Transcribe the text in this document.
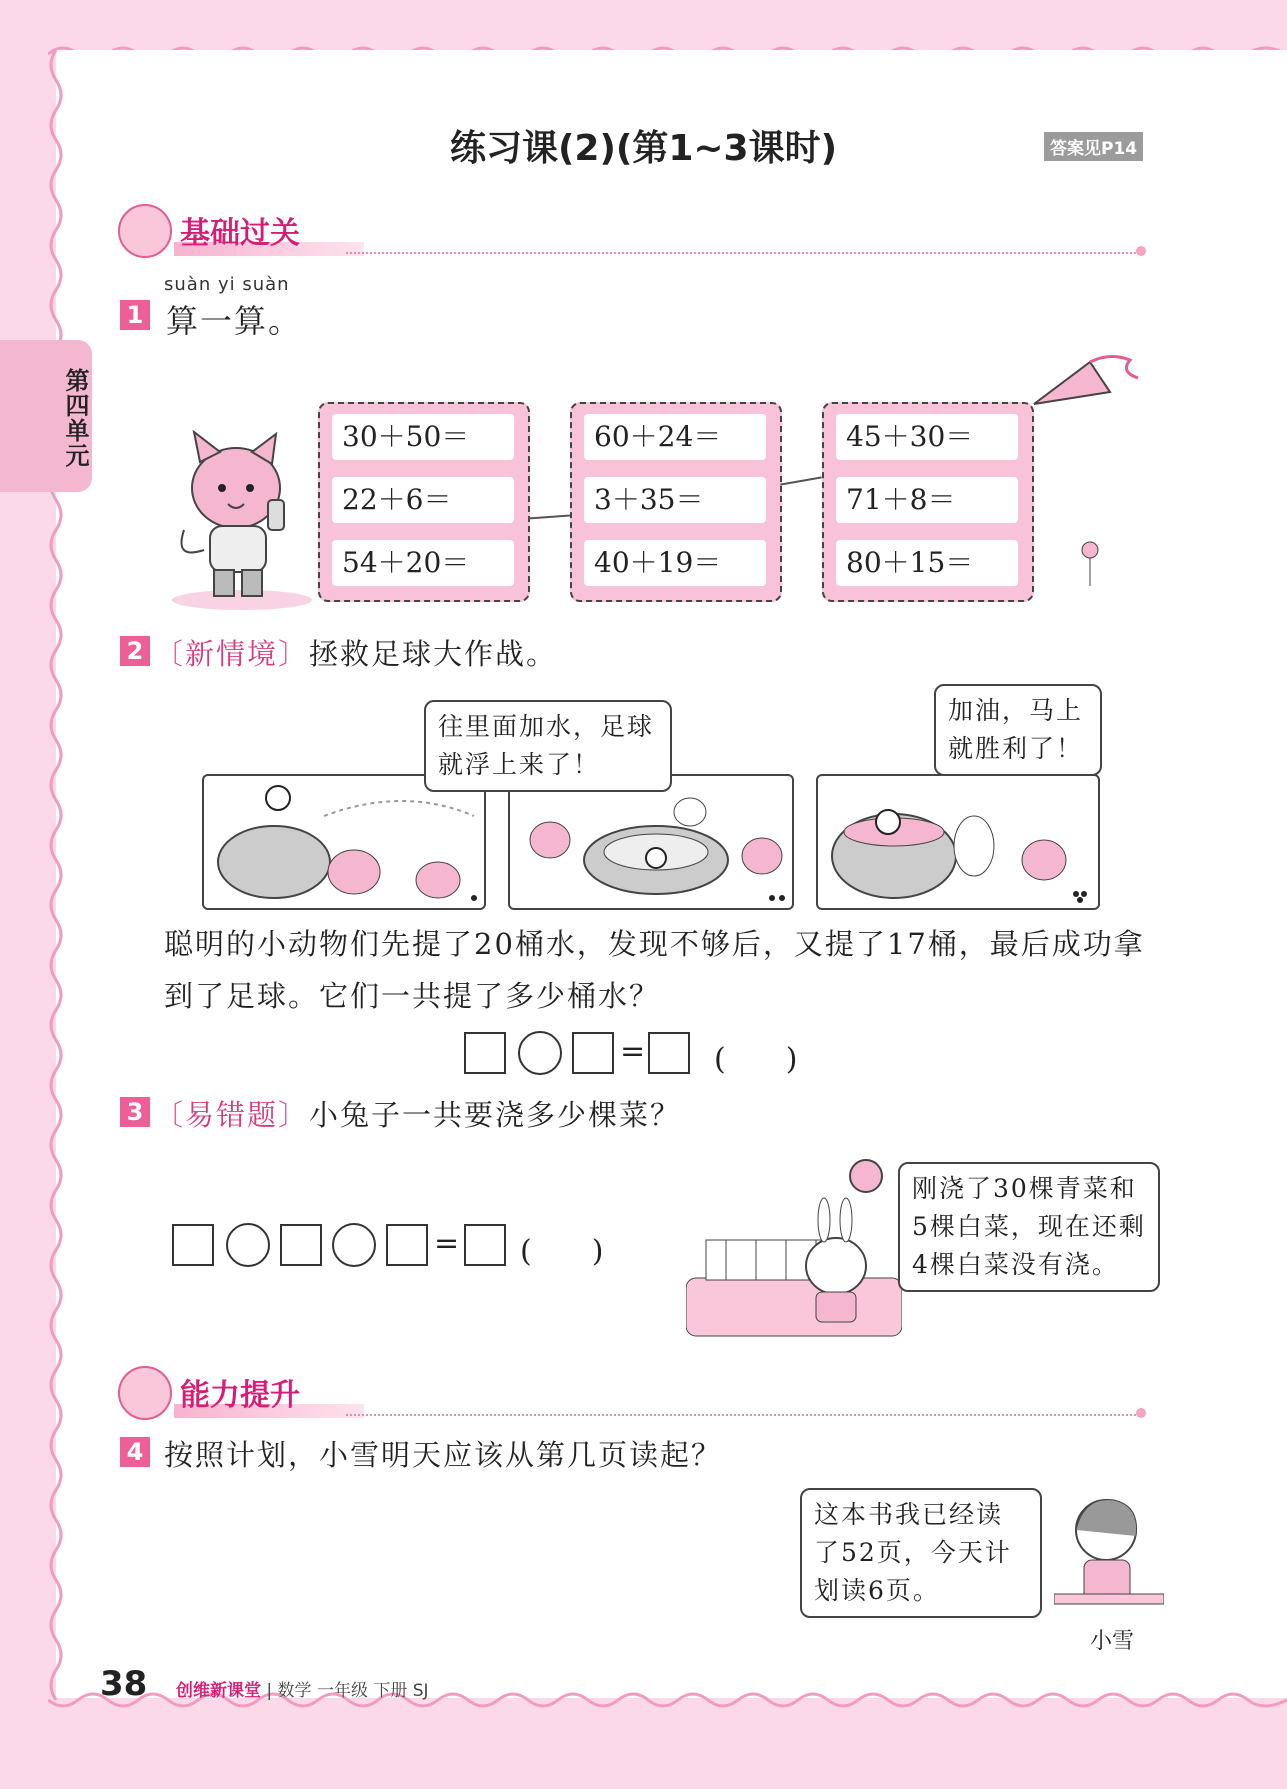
练习课(2)(第1~3课时)	答案见P14
第四单元
基础过关
suàn yi suàn
1 算一算。
30＋50＝
22＋6＝
54＋20＝
60＋24＝
3＋35＝
40＋19＝
45＋30＝
71＋8＝
80＋15＝
2 〔新情境〕拯救足球大作战。
往里面加水，足球就浮上来了！
加油，马上就胜利了！
聪明的小动物们先提了20桶水，发现不够后，又提了17桶，最后成功拿到了足球。它们一共提了多少桶水？
= (　　)
3 〔易错题〕小兔子一共要浇多少棵菜？
= (　　)
刚浇了30棵青菜和5棵白菜，现在还剩4棵白菜没有浇。
能力提升
4 按照计划，小雪明天应该从第几页读起？
这本书我已经读了52页，今天计划读6页。
小雪
38 创维新课堂 | 数学 一年级 下册 SJ
